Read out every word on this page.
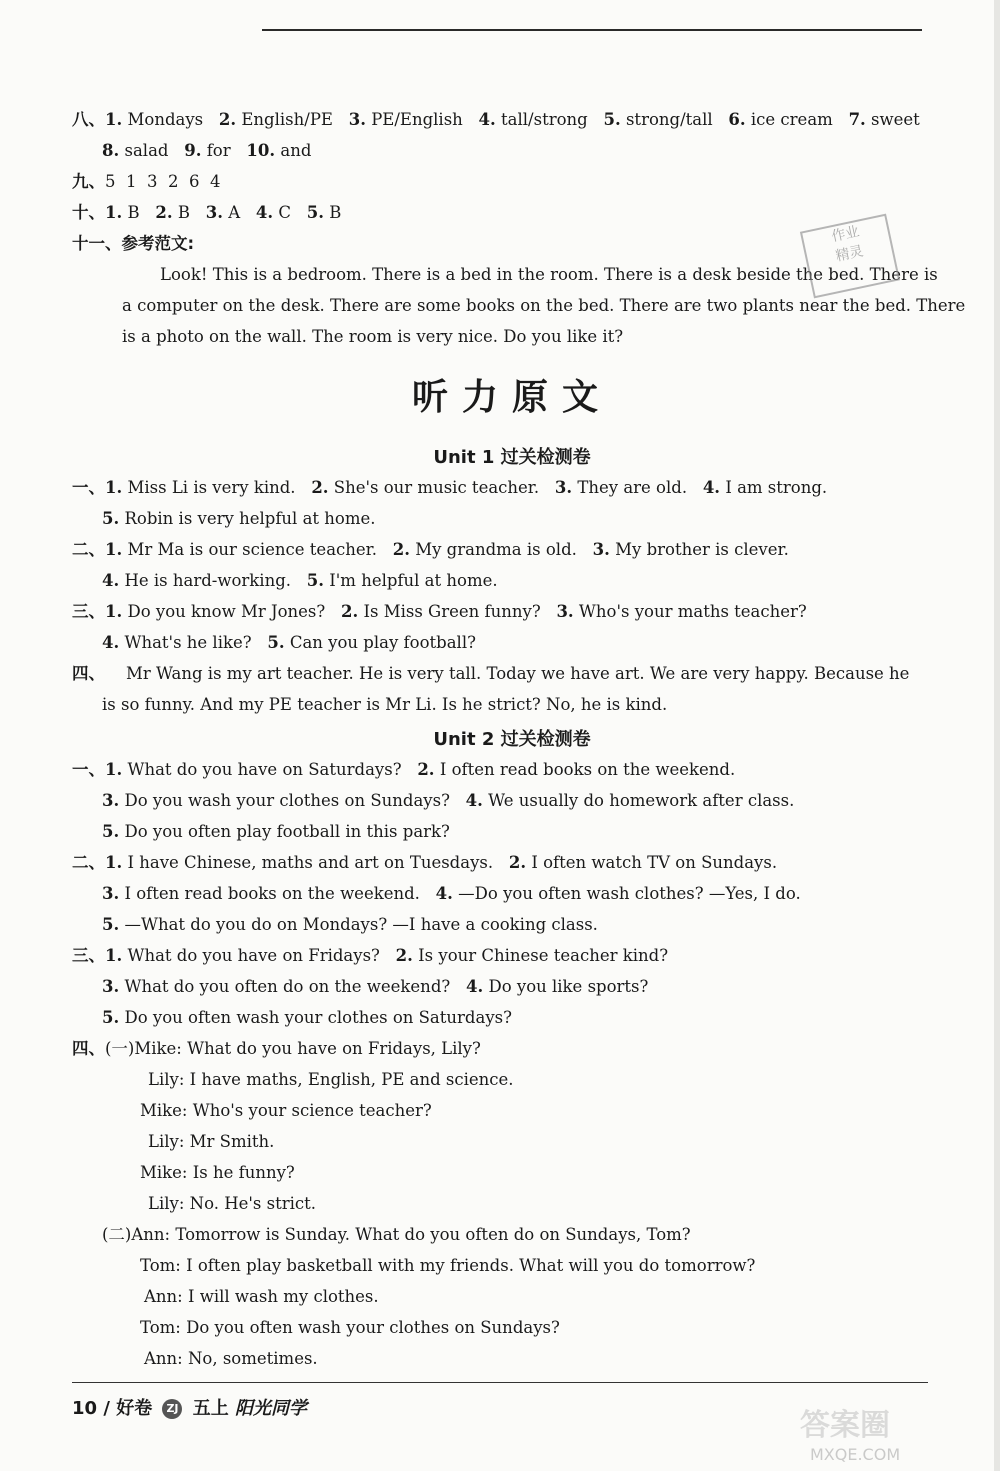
八、1. Mondays 2. English/PE 3. PE/English 4. tall/strong 5. strong/tall 6. ice cream 7. sweet
8. salad 9. for 10. and
九、5  1  3  2  6  4
十、1. B 2. B 3. A 4. C 5. B
十一、参考范文:
Look! This is a bedroom. There is a bed in the room. There is a desk beside the bed. There is
a computer on the desk. There are some books on the bed. There are two plants near the bed. There
is a photo on the wall. The room is very nice. Do you like it?
听力原文
Unit 1 过关检测卷
一、1. Miss Li is very kind. 2. She's our music teacher. 3. They are old. 4. I am strong.
5. Robin is very helpful at home.
二、1. Mr Ma is our science teacher. 2. My grandma is old. 3. My brother is clever.
4. He is hard-working. 5. I'm helpful at home.
三、1. Do you know Mr Jones? 2. Is Miss Green funny? 3. Who's your maths teacher?
4. What's he like? 5. Can you play football?
四、 Mr Wang is my art teacher. He is very tall. Today we have art. We are very happy. Because he
is so funny. And my PE teacher is Mr Li. Is he strict? No, he is kind.
Unit 2 过关检测卷
一、1. What do you have on Saturdays? 2. I often read books on the weekend.
3. Do you wash your clothes on Sundays? 4. We usually do homework after class.
5. Do you often play football in this park?
二、1. I have Chinese, maths and art on Tuesdays. 2. I often watch TV on Sundays.
3. I often read books on the weekend. 4. —Do you often wash clothes? —Yes, I do.
5. —What do you do on Mondays? —I have a cooking class.
三、1. What do you have on Fridays? 2. Is your Chinese teacher kind?
3. What do you often do on the weekend? 4. Do you like sports?
5. Do you often wash your clothes on Saturdays?
四、(一)Mike: What do you have on Fridays, Lily?
Lily: I have maths, English, PE and science.
Mike: Who's your science teacher?
Lily: Mr Smith.
Mike: Is he funny?
Lily: No. He's strict.
(二)Ann: Tomorrow is Sunday. What do you often do on Sundays, Tom?
Tom: I often play basketball with my friends. What will you do tomorrow?
Ann: I will wash my clothes.
Tom: Do you often wash your clothes on Sundays?
Ann: No, sometimes.
作业
精灵
10 / 好卷 ZJ 五上 阳光同学	答案圈
MXQE.COM
